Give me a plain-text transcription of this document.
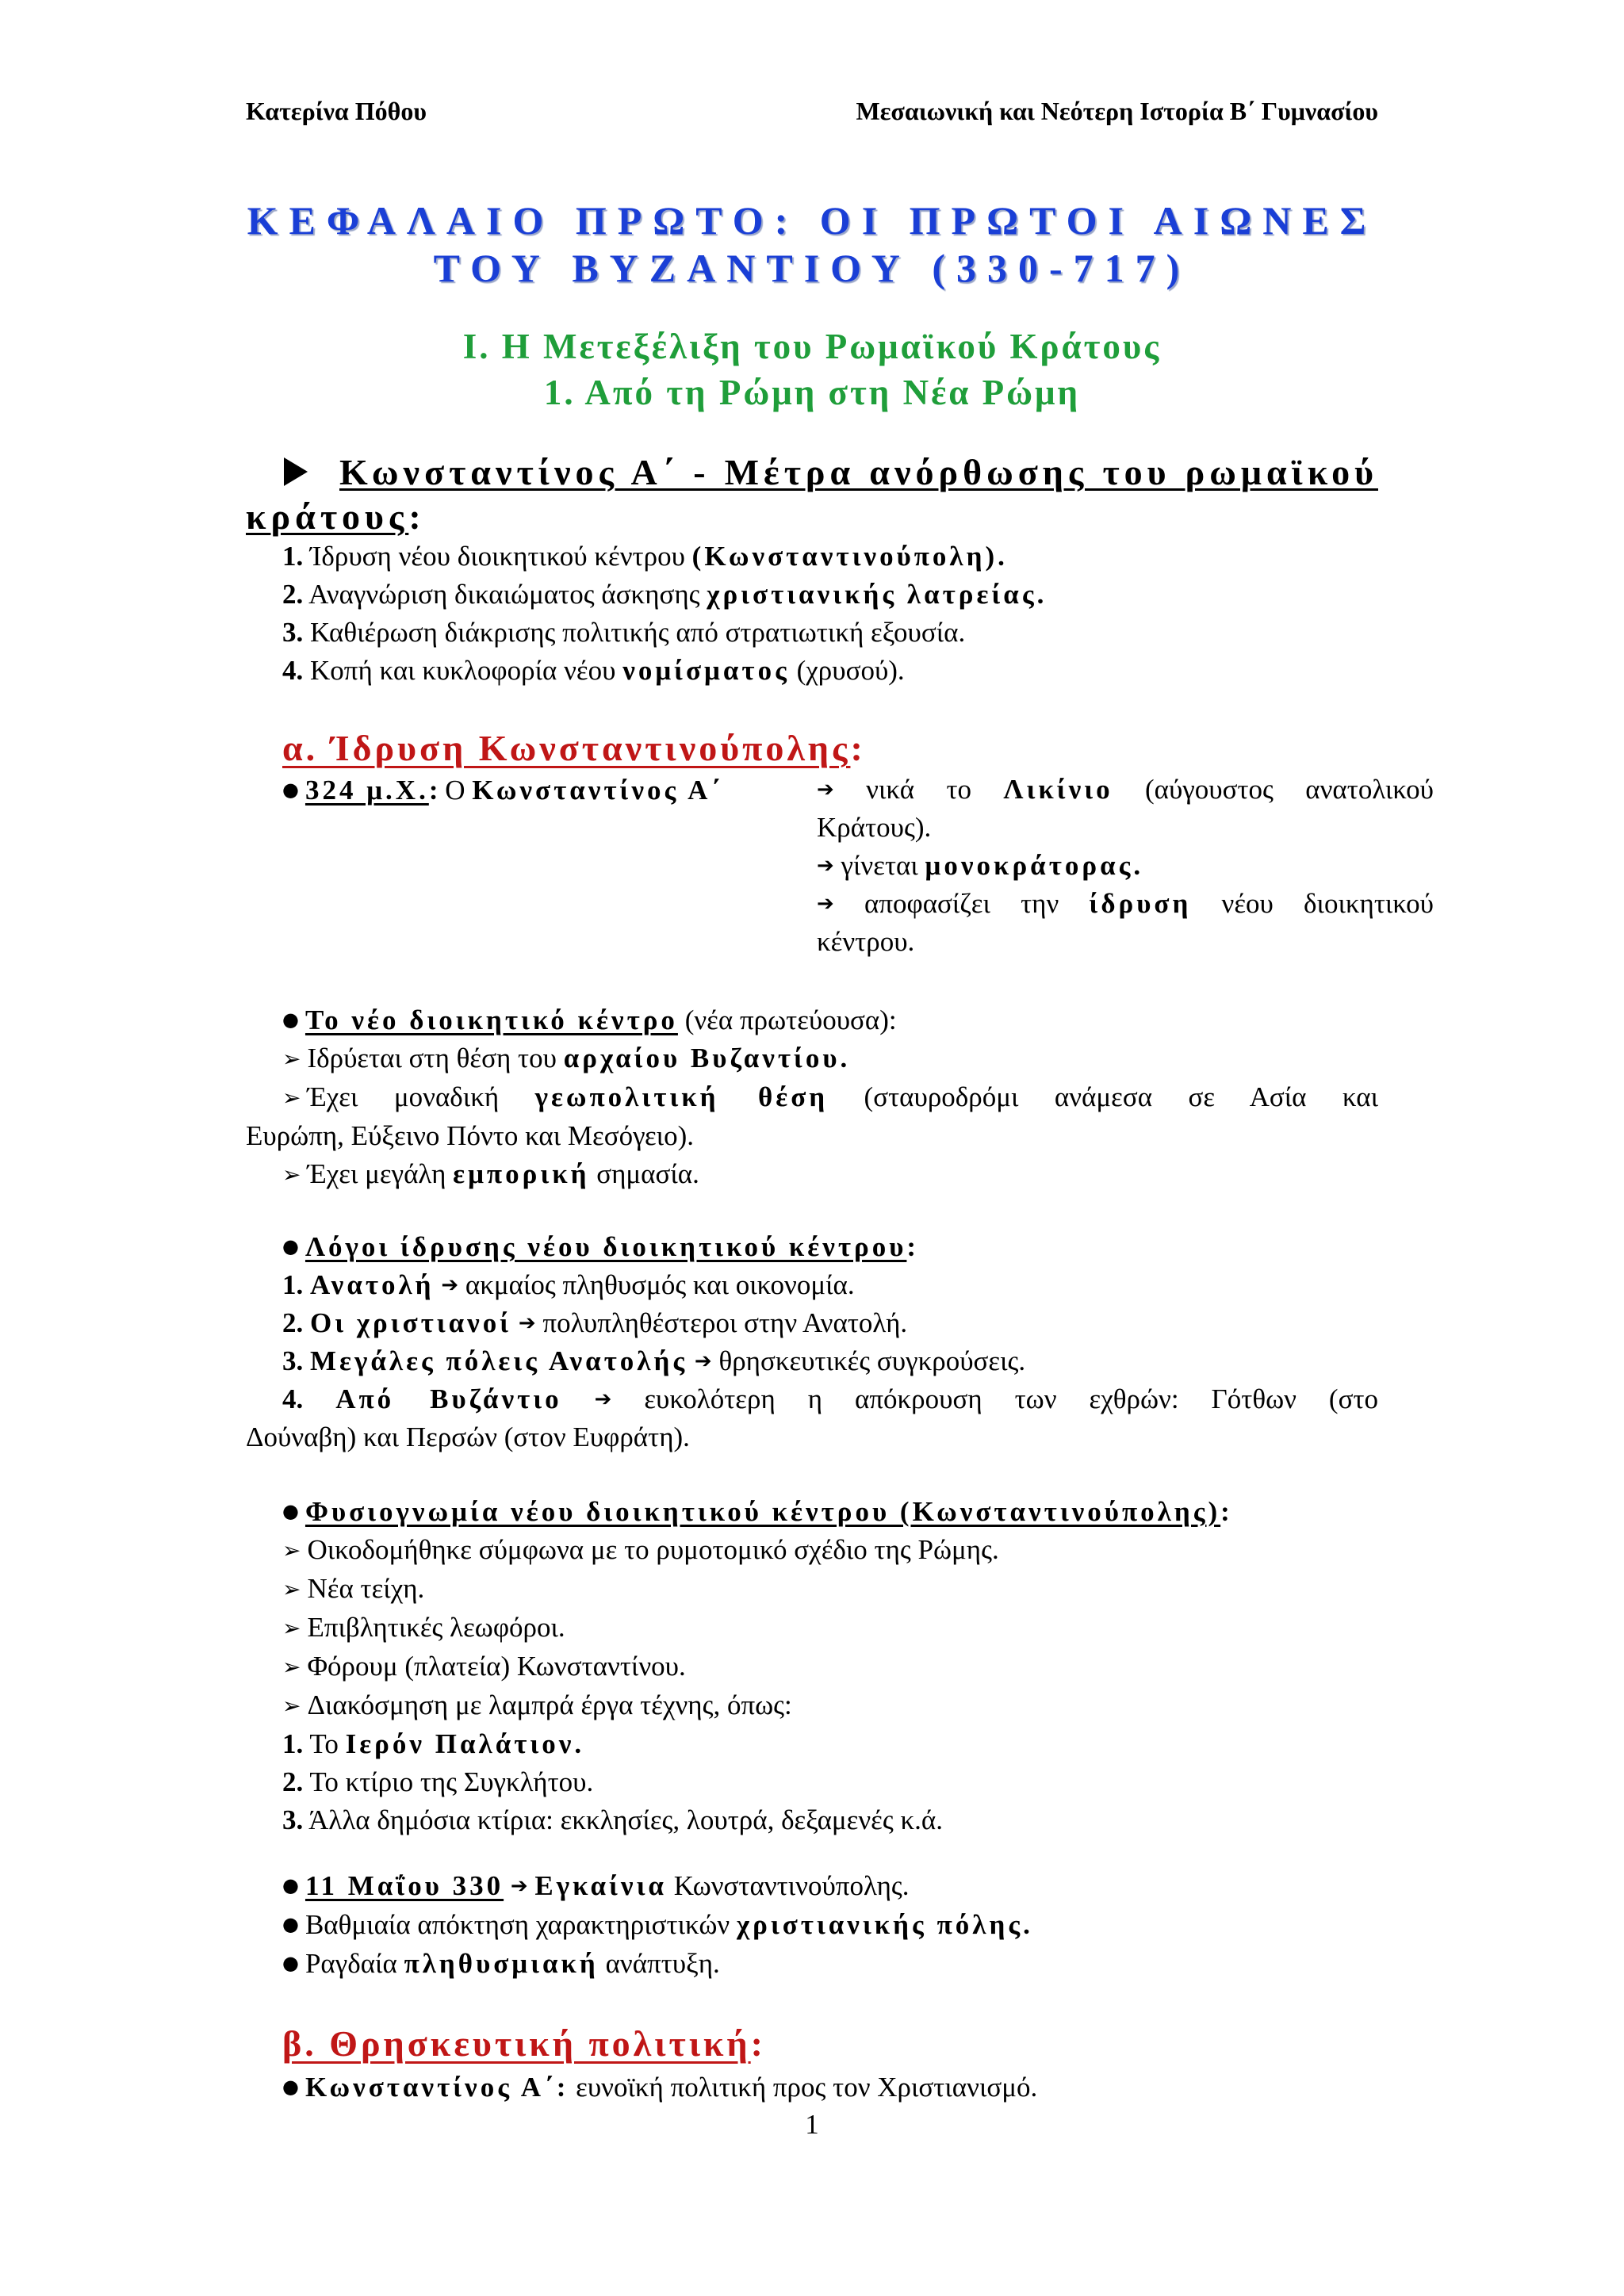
Κατερίνα Πόθου	Μεσαιωνική και Νεότερη Ιστορία Β΄ Γυμνασίου
ΚΕΦΑΛΑΙΟ ΠΡΩΤΟ: ΟΙ ΠΡΩΤΟΙ ΑΙΩΝΕΣ
ΤΟΥ ΒΥΖΑΝΤΙΟΥ (330-717)
Ι. Η Μετεξέλιξη του Ρωμαϊκού Κράτους
1. Από τη Ρώμη στη Νέα Ρώμη
Κωνσταντίνος Α΄ - Μέτρα ανόρθωσης του ρωμαϊκού
κράτους:
1. Ίδρυση νέου διοικητικού κέντρου (Κωνσταντινούπολη).
2. Αναγνώριση δικαιώματος άσκησης χριστιανικής λατρείας.
3. Καθιέρωση διάκρισης πολιτικής από στρατιωτική εξουσία.
4. Κοπή και κυκλοφορία νέου νομίσματος (χρυσού).
α. Ίδρυση Κωνσταντινούπολης:
● 324 μ.Χ.: Ο Κωνσταντίνος Α΄	➔ νικά το Λικίνιο (αύγουστος ανατολικού
Κράτους).
➔ γίνεται μονοκράτορας.
➔ αποφασίζει την ίδρυση νέου διοικητικού
κέντρου.
● Το νέο διοικητικό κέντρο (νέα πρωτεύουσα):
➢ Ιδρύεται στη θέση του αρχαίου Βυζαντίου.
➢ Έχει μοναδική γεωπολιτική θέση (σταυροδρόμι ανάμεσα σε Ασία και
Ευρώπη, Εύξεινο Πόντο και Μεσόγειο).
➢ Έχει μεγάλη εμπορική σημασία.
● Λόγοι ίδρυσης νέου διοικητικού κέντρου:
1. Ανατολή ➔ ακμαίος πληθυσμός και οικονομία.
2. Οι χριστιανοί ➔ πολυπληθέστεροι στην Ανατολή.
3. Μεγάλες πόλεις Ανατολής ➔ θρησκευτικές συγκρούσεις.
4. Από Βυζάντιο ➔ ευκολότερη η απόκρουση των εχθρών: Γότθων (στο
Δούναβη) και Περσών (στον Ευφράτη).
● Φυσιογνωμία νέου διοικητικού κέντρου (Κωνσταντινούπολης):
➢ Οικοδομήθηκε σύμφωνα με το ρυμοτομικό σχέδιο της Ρώμης.
➢ Νέα τείχη.
➢ Επιβλητικές λεωφόροι.
➢ Φόρουμ (πλατεία) Κωνσταντίνου.
➢ Διακόσμηση με λαμπρά έργα τέχνης, όπως:
1. Το Ιερόν Παλάτιον.
2. Το κτίριο της Συγκλήτου.
3. Άλλα δημόσια κτίρια: εκκλησίες, λουτρά, δεξαμενές κ.ά.
● 11 Μαΐου 330 ➔ Εγκαίνια Κωνσταντινούπολης.
● Βαθμιαία απόκτηση χαρακτηριστικών χριστιανικής πόλης.
● Ραγδαία πληθυσμιακή ανάπτυξη.
β. Θρησκευτική πολιτική:
● Κωνσταντίνος Α΄: ευνοϊκή πολιτική προς τον Χριστιανισμό.
1
